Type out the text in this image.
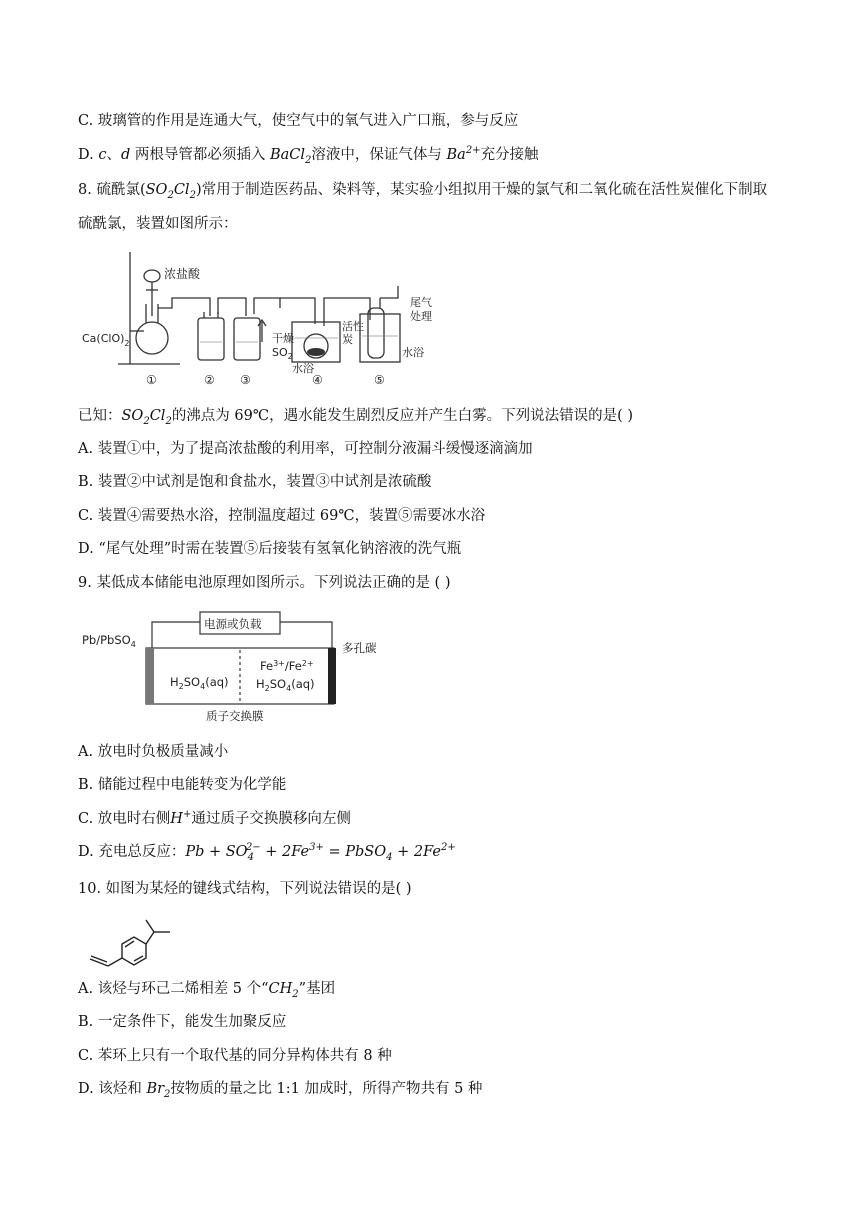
C. 玻璃管的作用是连通大气，使空气中的氧气进入广口瓶，参与反应
D. c、d 两根导管都必须插入 BaCl$_2$溶液中，保证气体与 $Ba^{2+}$充分接触
8. 硫酰氯$(SO_2Cl_2)$常用于制造医药品、染料等，某实验小组拟用干燥的氯气和二氧化硫在活性炭催化下制取
硫酰氯，装置如图所示：
浓盐酸
$Ca(ClO)_2$	干燥
$SO_2$
水浴
活性
炭
尾气
处理
水浴
①	② ③	④	⑤
已知：$SO_2Cl_2$的沸点为 69℃，遇水能发生剧烈反应并产生白雾。下列说法错误的是( )
A. 装置①中，为了提高浓盐酸的利用率，可控制分液漏斗缓慢逐滴滴加
B. 装置②中试剂是饱和食盐水，装置③中试剂是浓硫酸
C. 装置④需要热水浴，控制温度超过 69℃，装置⑤需要冰水浴
D. “尾气处理”时需在装置⑤后接装有氢氧化钠溶液的洗气瓶
9. 某低成本储能电池原理如图所示。下列说法正确的是 ( )
电源或负载
Pb/PbSO$_4$	多孔碳
$H_2SO_4(aq)$
$Fe^{3+}/Fe^{2+}$
$H_2SO_4(aq)$
质子交换膜
A. 放电时负极质量减小
B. 储能过程中电能转变为化学能
C. 放电时右侧H+通过质子交换膜移向左侧
D. 充电总反应：$Pb + SO_4^{2-} + 2Fe^{3+}$ = PbSO$_4$ + $2Fe^{2+}$
10. 如图为某烃的键线式结构，下列说法错误的是( )
A. 该烃与环己二烯相差 5 个“$CH_2$”基团
B. 一定条件下，能发生加聚反应
C. 苯环上只有一个取代基的同分异构体共有 8 种
D. 该烃和 $Br_2$按物质的量之比 1:1 加成时，所得产物共有 5 种
